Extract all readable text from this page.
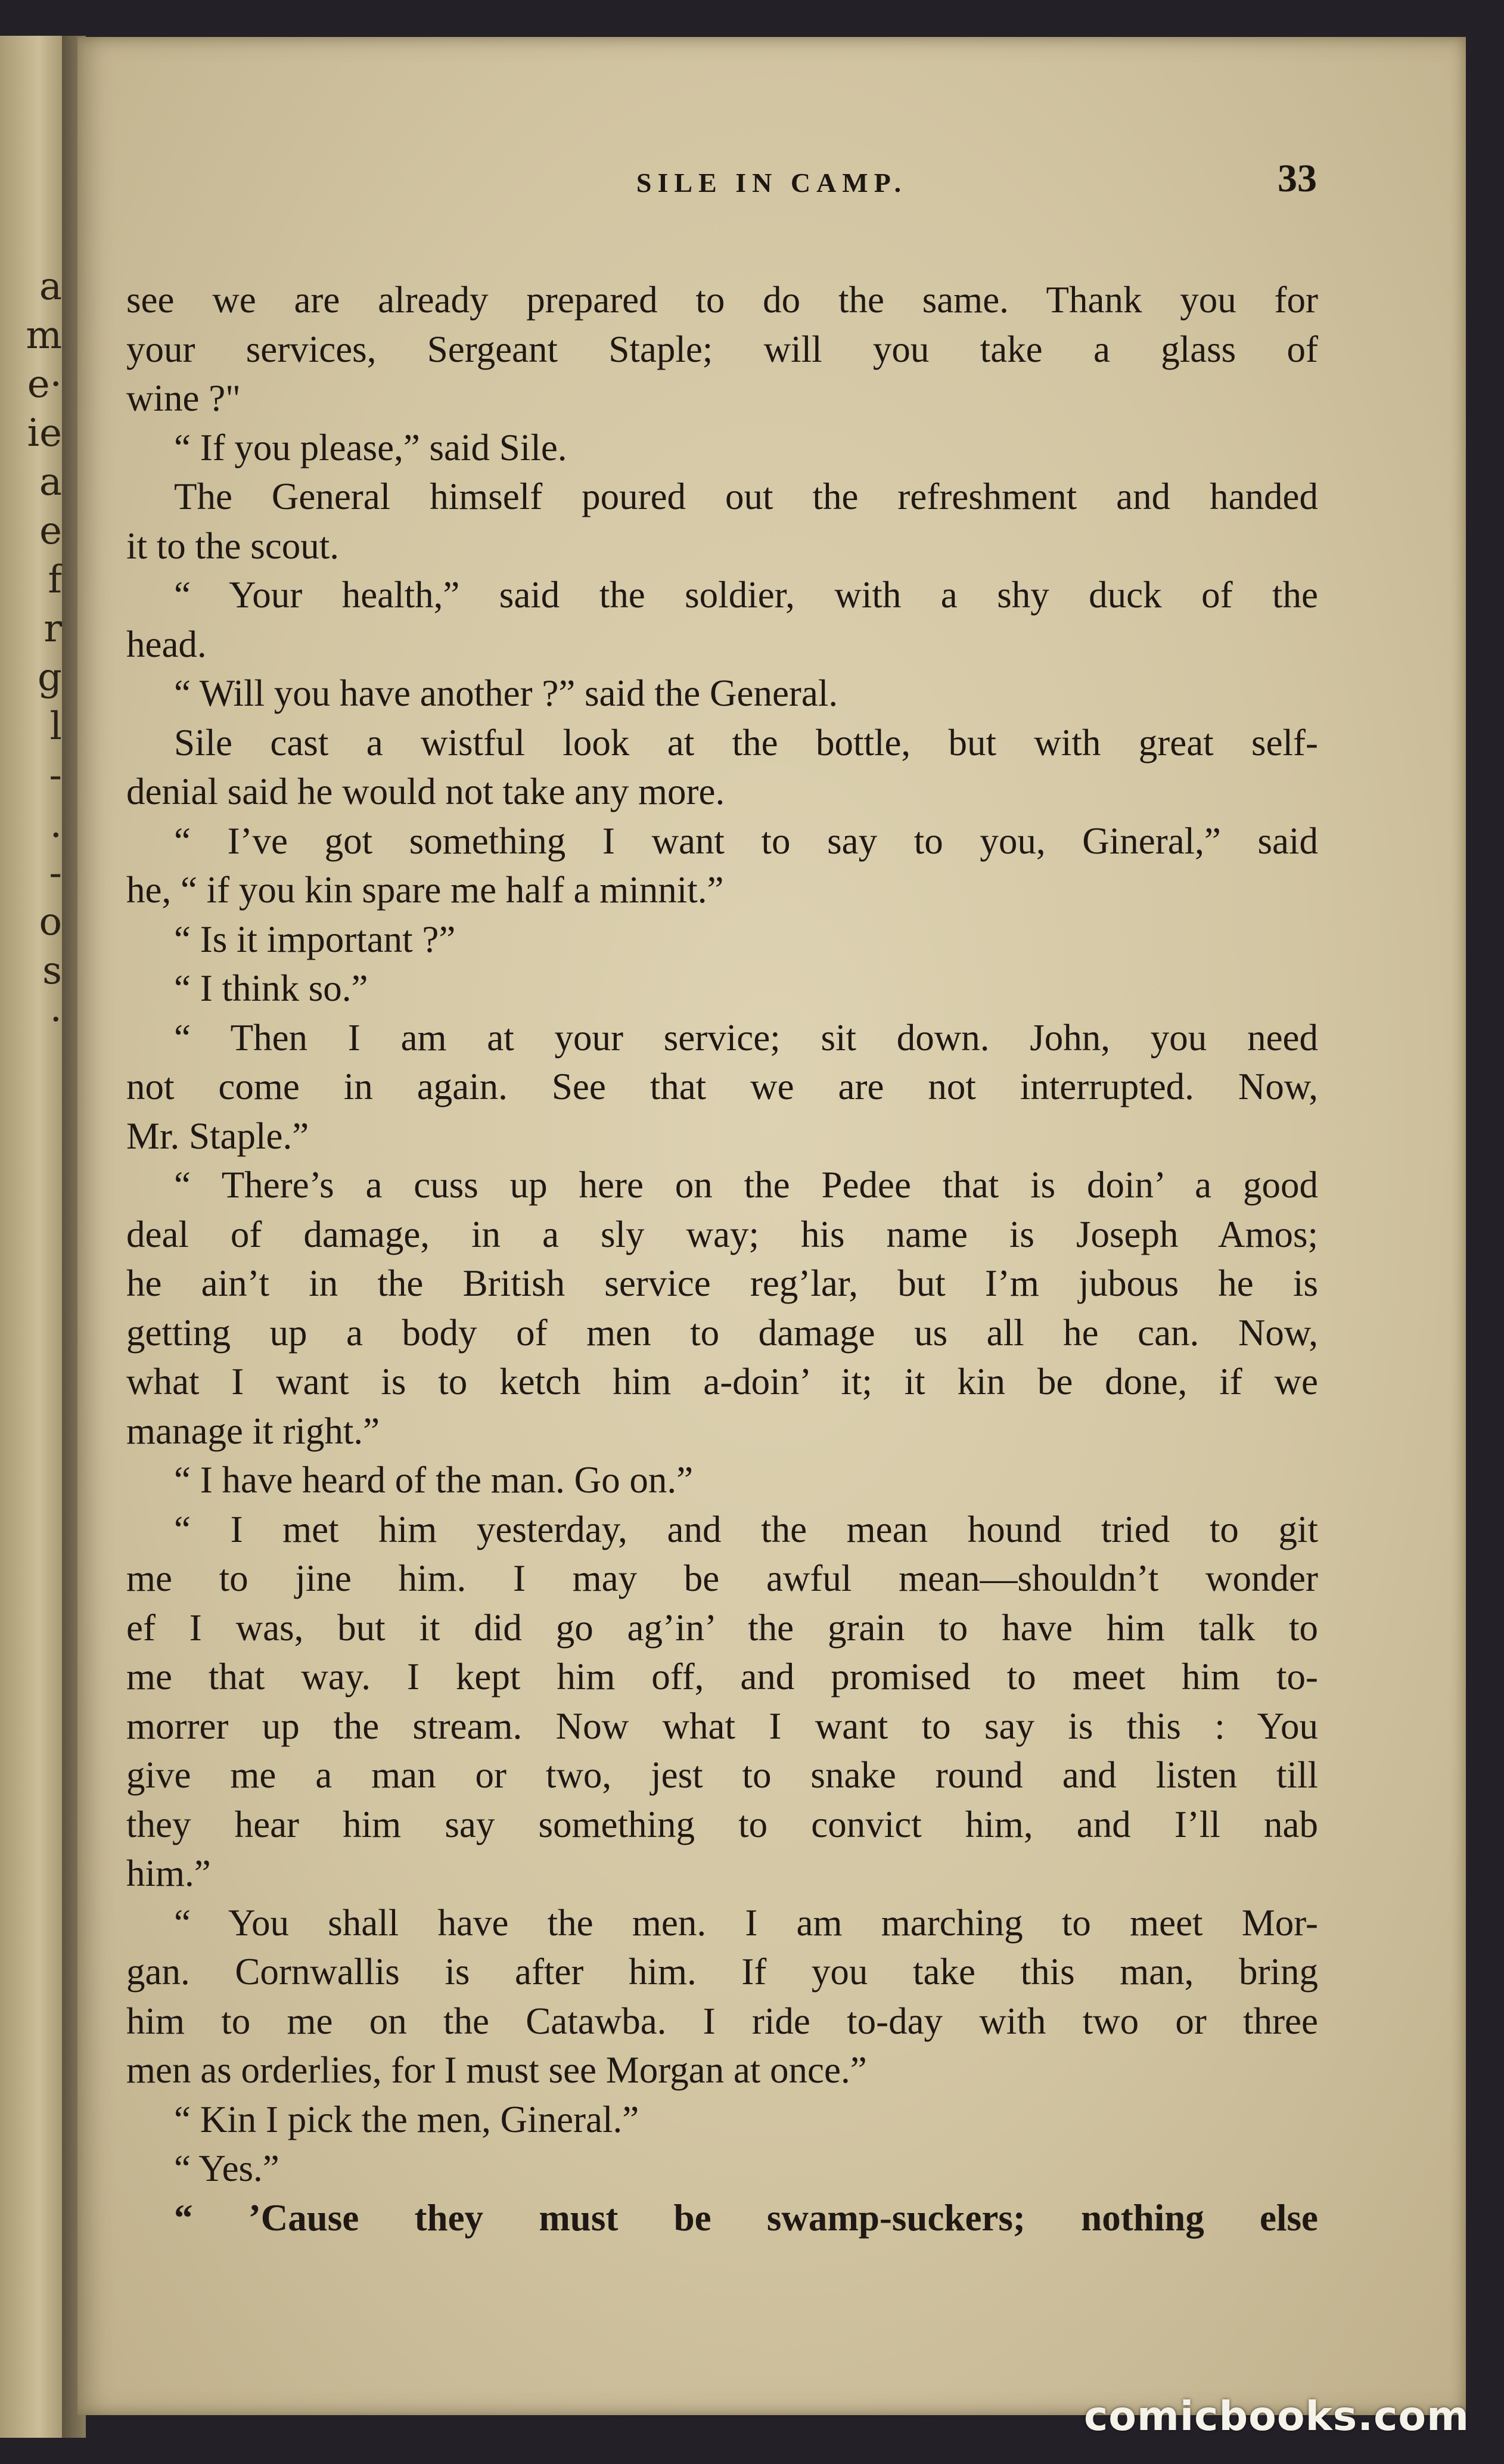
a
m
e·
ie
a
e
f
r
g
l
-
.
-
o
s
·
SILE IN CAMP.	33
see we are already prepared to do the same. Thank you for
your services, Sergeant Staple; will you take a glass of
wine ?"
“ If you please,” said Sile.
The General himself poured out the refreshment and handed
it to the scout.
“ Your health,” said the soldier, with a shy duck of the
head.
“ Will you have another ?” said the General.
Sile cast a wistful look at the bottle, but with great self-
denial said he would not take any more.
“ I’ve got something I want to say to you, Gineral,” said
he, “ if you kin spare me half a minnit.”
“ Is it important ?”
“ I think so.”
“ Then I am at your service; sit down. John, you need
not come in again. See that we are not interrupted. Now,
Mr. Staple.”
“ There’s a cuss up here on the Pedee that is doin’ a good
deal of damage, in a sly way; his name is Joseph Amos;
he ain’t in the British service reg’lar, but I’m jubous he is
getting up a body of men to damage us all he can. Now,
what I want is to ketch him a-doin’ it; it kin be done, if we
manage it right.”
“ I have heard of the man. Go on.”
“ I met him yesterday, and the mean hound tried to git
me to jine him. I may be awful mean—shouldn’t wonder
ef I was, but it did go ag’in’ the grain to have him talk to
me that way. I kept him off, and promised to meet him to-
morrer up the stream. Now what I want to say is this : You
give me a man or two, jest to snake round and listen till
they hear him say something to convict him, and I’ll nab
him.”
“ You shall have the men. I am marching to meet Mor-
gan. Cornwallis is after him. If you take this man, bring
him to me on the Catawba. I ride to-day with two or three
men as orderlies, for I must see Morgan at once.”
“ Kin I pick the men, Gineral.”
“ Yes.”
“ ’Cause they must be swamp-suckers; nothing else
comicbooks.com
